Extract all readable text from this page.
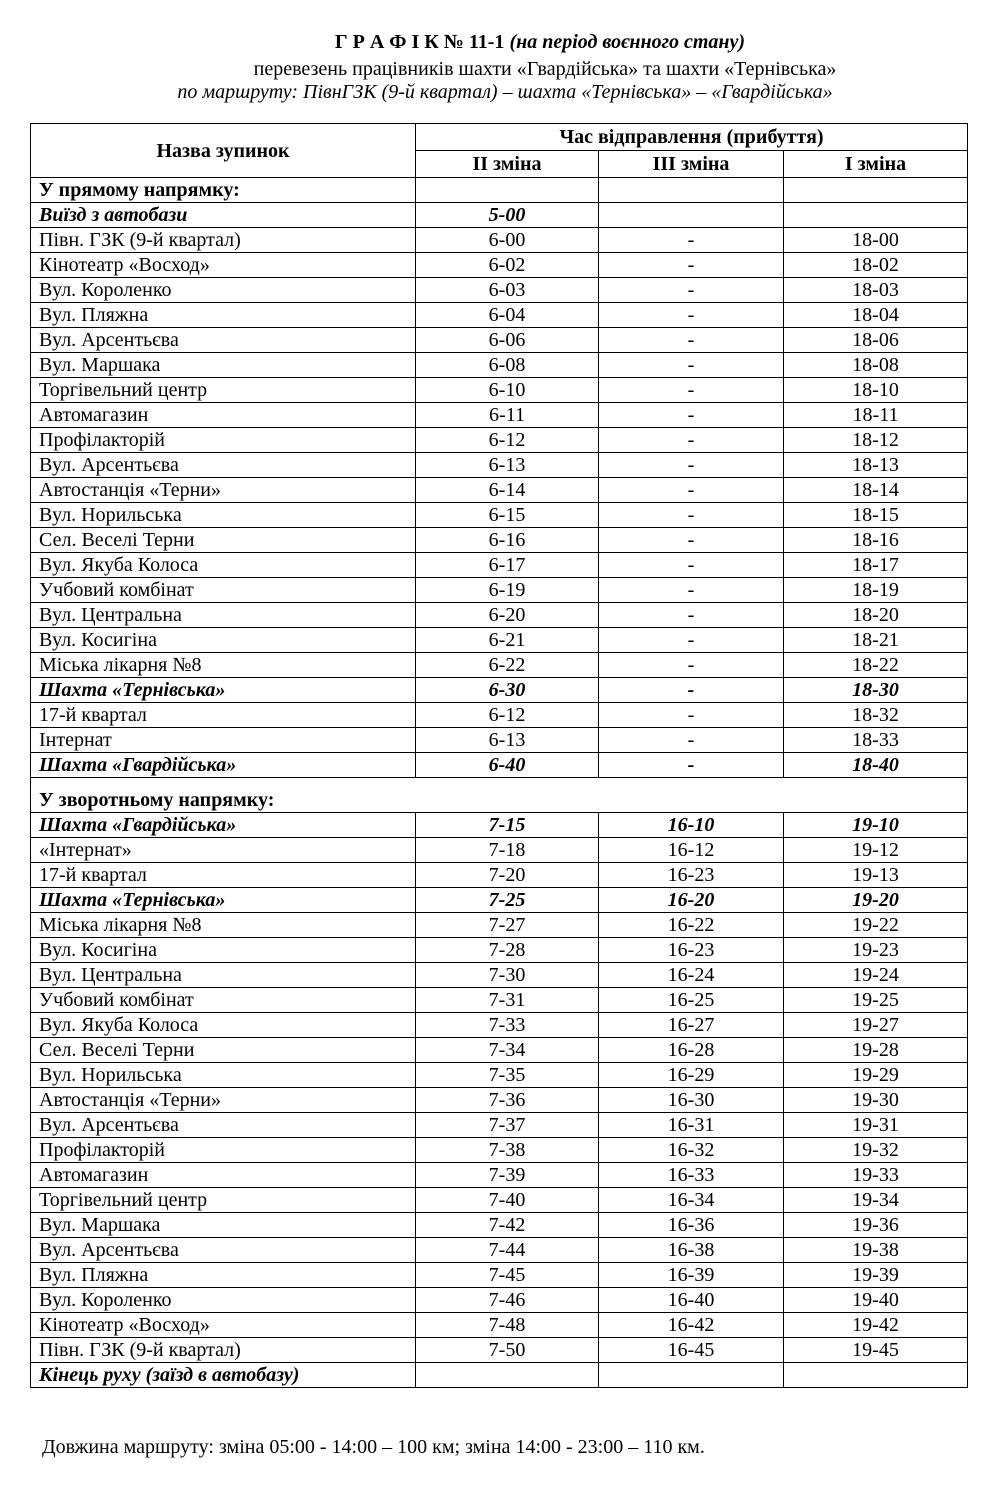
Г Р А Ф І К № 11-1 (на період воєнного стану)
перевезень працівників шахти «Гвардійська» та шахти «Тернівська»
по маршруту: ПівнГЗК (9-й квартал) – шахта «Тернівська» – «Гвардійська»
Назва зупинок	Час відправлення (прибуття)		
	ІІ зміна	ІІІ зміна	І зміна
У прямому напрямку:			
Виїзд з автобази	5-00		
Півн. ГЗК (9-й квартал)	6-00	-	18-00
Кінотеатр «Восход»	6-02	-	18-02
Вул. Короленко	6-03	-	18-03
Вул. Пляжна	6-04	-	18-04
Вул. Арсентьєва	6-06	-	18-06
Вул. Маршака	6-08	-	18-08
Торгівельний центр	6-10	-	18-10
Автомагазин	6-11	-	18-11
Профілакторій	6-12	-	18-12
Вул. Арсентьєва	6-13	-	18-13
Автостанція «Терни»	6-14	-	18-14
Вул. Норильська	6-15	-	18-15
Сел. Веселі Терни	6-16	-	18-16
Вул. Якуба Колоса	6-17	-	18-17
Учбовий комбінат	6-19	-	18-19
Вул. Центральна	6-20	-	18-20
Вул. Косигіна	6-21	-	18-21
Міська лікарня №8	6-22	-	18-22
Шахта «Тернівська»	6-30	-	18-30
17-й квартал	6-12	-	18-32
Інтернат	6-13	-	18-33
Шахта «Гвардійська»	6-40	-	18-40
У зворотньому напрямку:			
Шахта «Гвардійська»	7-15	16-10	19-10
«Інтернат»	7-18	16-12	19-12
17-й квартал	7-20	16-23	19-13
Шахта «Тернівська»	7-25	16-20	19-20
Міська лікарня №8	7-27	16-22	19-22
Вул. Косигіна	7-28	16-23	19-23
Вул. Центральна	7-30	16-24	19-24
Учбовий комбінат	7-31	16-25	19-25
Вул. Якуба Колоса	7-33	16-27	19-27
Сел. Веселі Терни	7-34	16-28	19-28
Вул. Норильська	7-35	16-29	19-29
Автостанція «Терни»	7-36	16-30	19-30
Вул. Арсентьєва	7-37	16-31	19-31
Профілакторій	7-38	16-32	19-32
Автомагазин	7-39	16-33	19-33
Торгівельний центр	7-40	16-34	19-34
Вул. Маршака	7-42	16-36	19-36
Вул. Арсентьєва	7-44	16-38	19-38
Вул. Пляжна	7-45	16-39	19-39
Вул. Короленко	7-46	16-40	19-40
Кінотеатр «Восход»	7-48	16-42	19-42
Півн. ГЗК (9-й квартал)	7-50	16-45	19-45
Кінець руху (заїзд в автобазу)			
Довжина маршруту: зміна 05:00 - 14:00 – 100 км; зміна 14:00 - 23:00 – 110 км.
